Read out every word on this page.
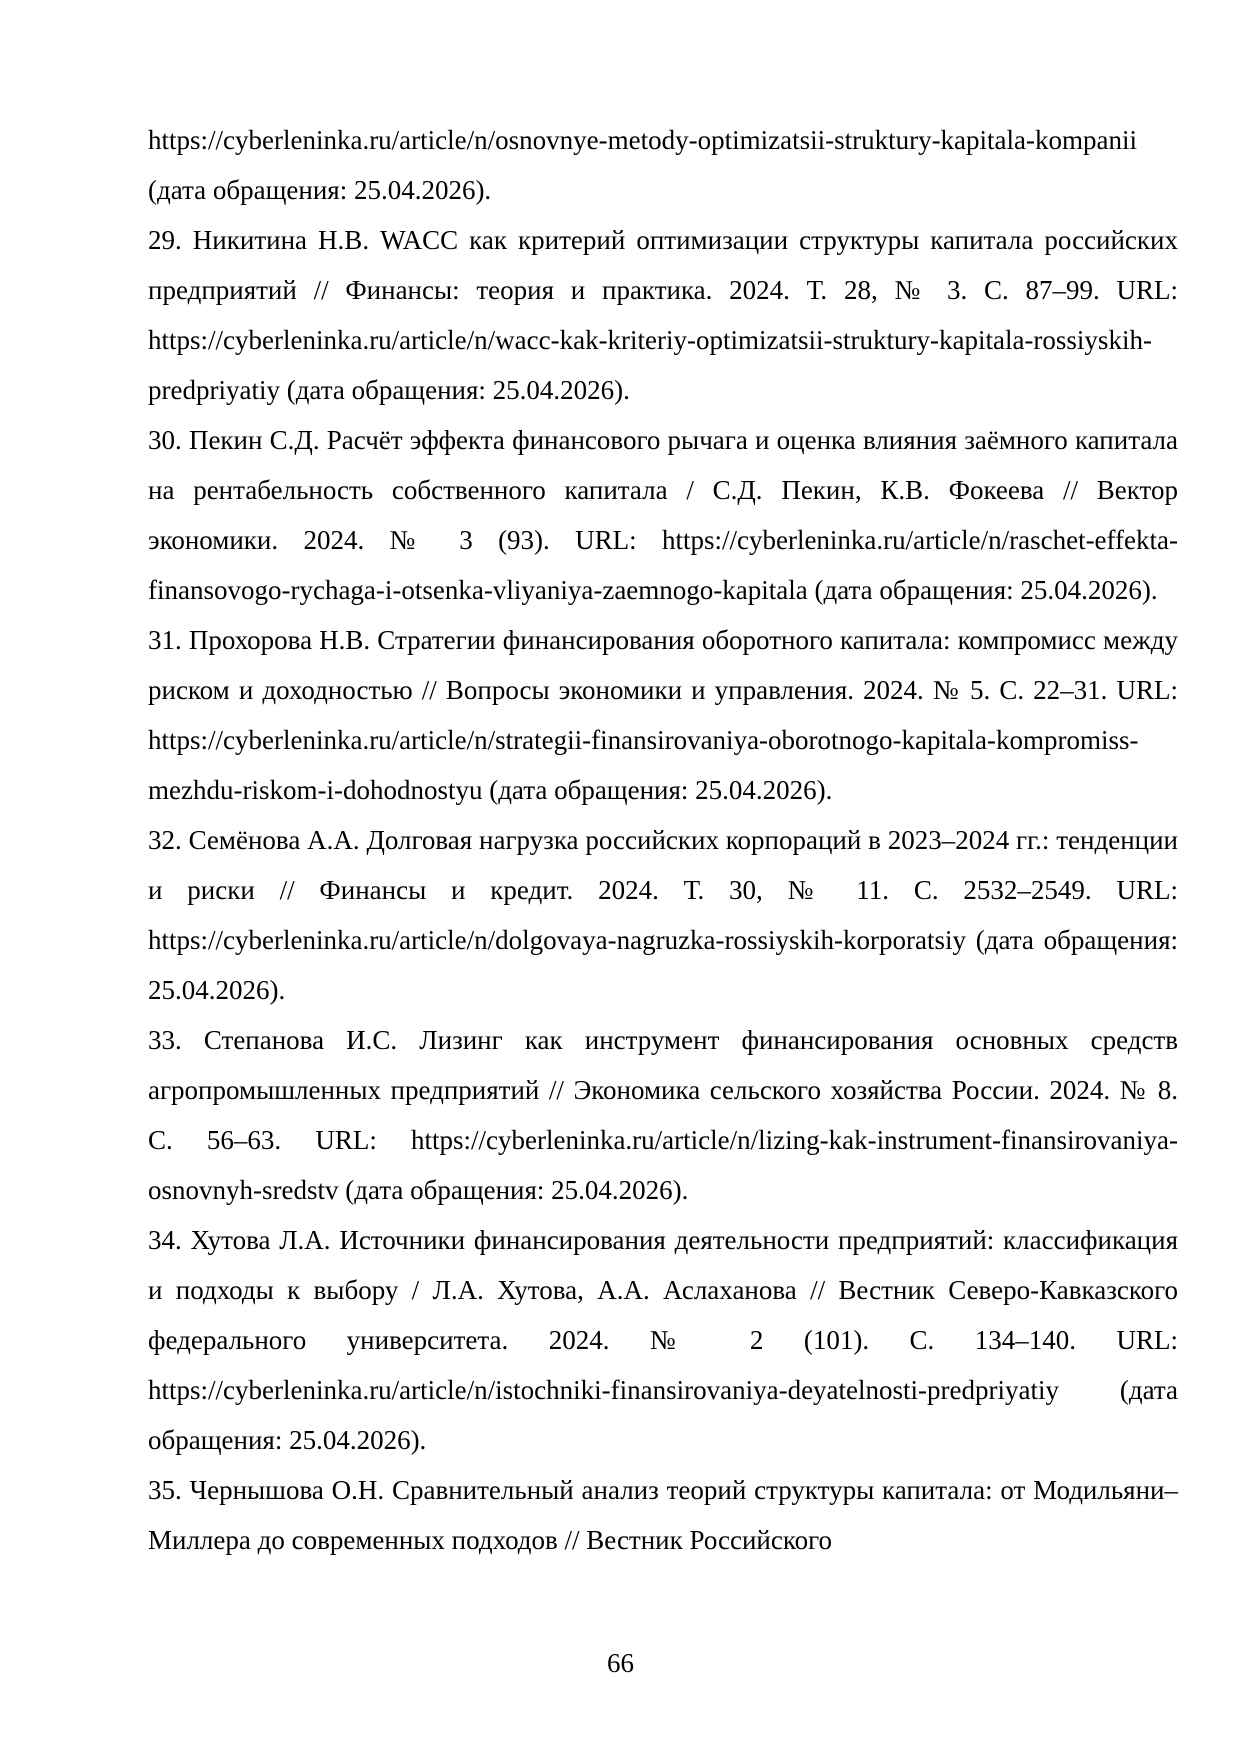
https://cyberleninka.ru/article/n/osnovnye-metody-optimizatsii-struktury-kapitala-kompanii (дата обращения: 25.04.2026).

29. Никитина Н.В. WACC как критерий оптимизации структуры капитала российских предприятий // Финансы: теория и практика. 2024. Т. 28, № 3. С. 87–99. URL: https://cyberleninka.ru/article/n/wacc-kak-kriteriy-optimizatsii-struktury-kapitala-rossiyskih-predpriyatiy (дата обращения: 25.04.2026).

30. Пекин С.Д. Расчёт эффекта финансового рычага и оценка влияния заёмного капитала на рентабельность собственного капитала / С.Д. Пекин, К.В. Фокеева // Вектор экономики. 2024. № 3 (93). URL: https://cyberleninka.ru/article/n/raschet-effekta-finansovogo-rychaga-i-otsenka-vliyaniya-zaemnogo-kapitala (дата обращения: 25.04.2026).

31. Прохорова Н.В. Стратегии финансирования оборотного капитала: компромисс между риском и доходностью // Вопросы экономики и управления. 2024. № 5. С. 22–31. URL: https://cyberleninka.ru/article/n/strategii-finansirovaniya-oborotnogo-kapitala-kompromiss-mezhdu-riskom-i-dohodnostyu (дата обращения: 25.04.2026).

32. Семёнова А.А. Долговая нагрузка российских корпораций в 2023–2024 гг.: тенденции и риски // Финансы и кредит. 2024. Т. 30, № 11. С. 2532–2549. URL: https://cyberleninka.ru/article/n/dolgovaya-nagruzka-rossiyskih-korporatsiy (дата обращения: 25.04.2026).

33. Степанова И.С. Лизинг как инструмент финансирования основных средств агропромышленных предприятий // Экономика сельского хозяйства России. 2024. № 8. С. 56–63. URL: https://cyberleninka.ru/article/n/lizing-kak-instrument-finansirovaniya-osnovnyh-sredstv (дата обращения: 25.04.2026).

34. Хутова Л.А. Источники финансирования деятельности предприятий: классификация и подходы к выбору / Л.А. Хутова, А.А. Аслаханова // Вестник Северо-Кавказского федерального университета. 2024. № 2 (101). С. 134–140. URL: https://cyberleninka.ru/article/n/istochniki-finansirovaniya-deyatelnosti-predpriyatiy (дата обращения: 25.04.2026).

35. Чернышова О.Н. Сравнительный анализ теорий структуры капитала: от Модильяни–Миллера до современных подходов // Вестник Российского

66
